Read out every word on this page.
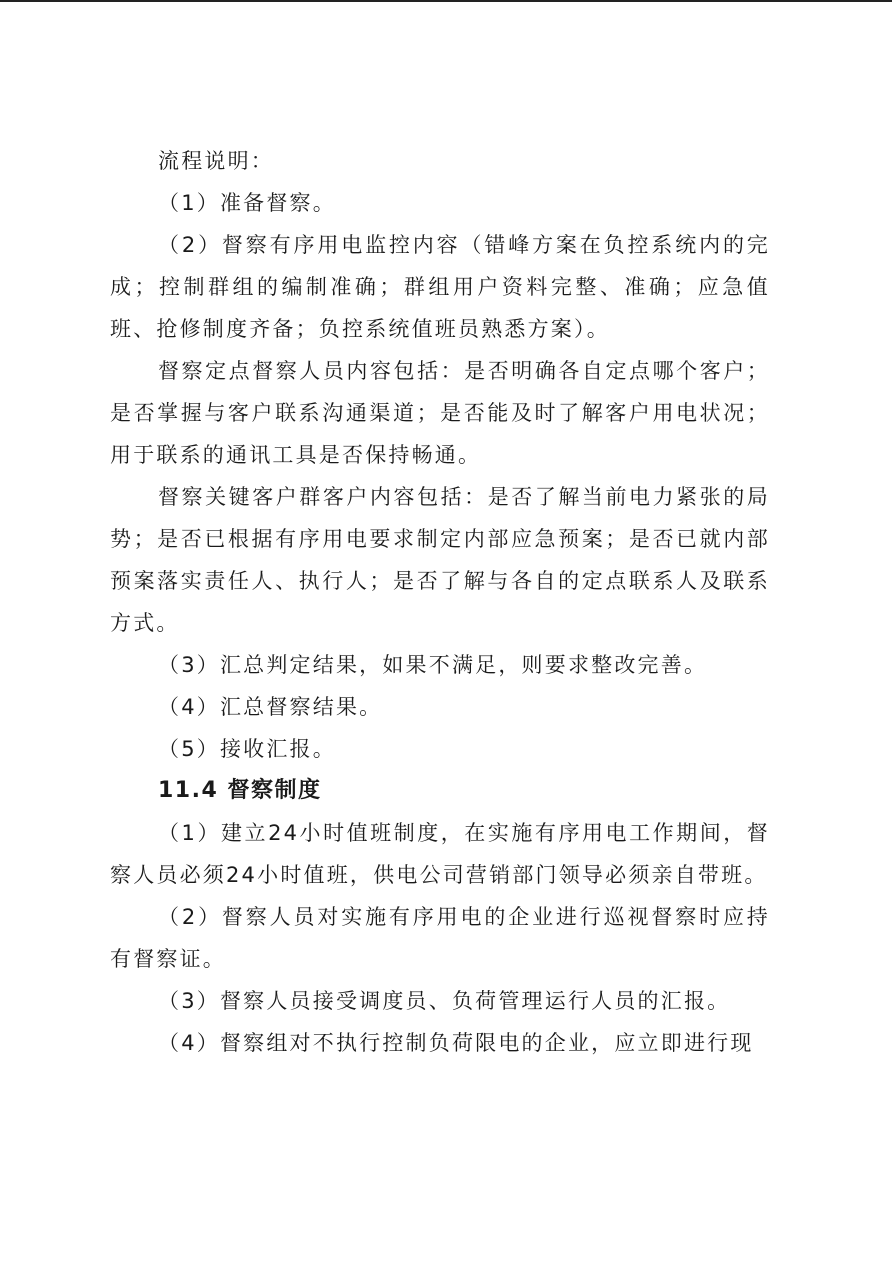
流程说明：

（1）准备督察。

（2）督察有序用电监控内容（错峰方案在负控系统内的完成；控制群组的编制准确；群组用户资料完整、准确；应急值班、抢修制度齐备；负控系统值班员熟悉方案）。

督察定点督察人员内容包括：是否明确各自定点哪个客户；是否掌握与客户联系沟通渠道；是否能及时了解客户用电状况；用于联系的通讯工具是否保持畅通。

督察关键客户群客户内容包括：是否了解当前电力紧张的局势；是否已根据有序用电要求制定内部应急预案；是否已就内部预案落实责任人、执行人；是否了解与各自的定点联系人及联系方式。

（3）汇总判定结果，如果不满足，则要求整改完善。

（4）汇总督察结果。

（5）接收汇报。

11.4 督察制度

（1）建立24小时值班制度，在实施有序用电工作期间，督察人员必须24小时值班，供电公司营销部门领导必须亲自带班。

（2）督察人员对实施有序用电的企业进行巡视督察时应持有督察证。

（3）督察人员接受调度员、负荷管理运行人员的汇报。

（4）督察组对不执行控制负荷限电的企业，应立即进行现
